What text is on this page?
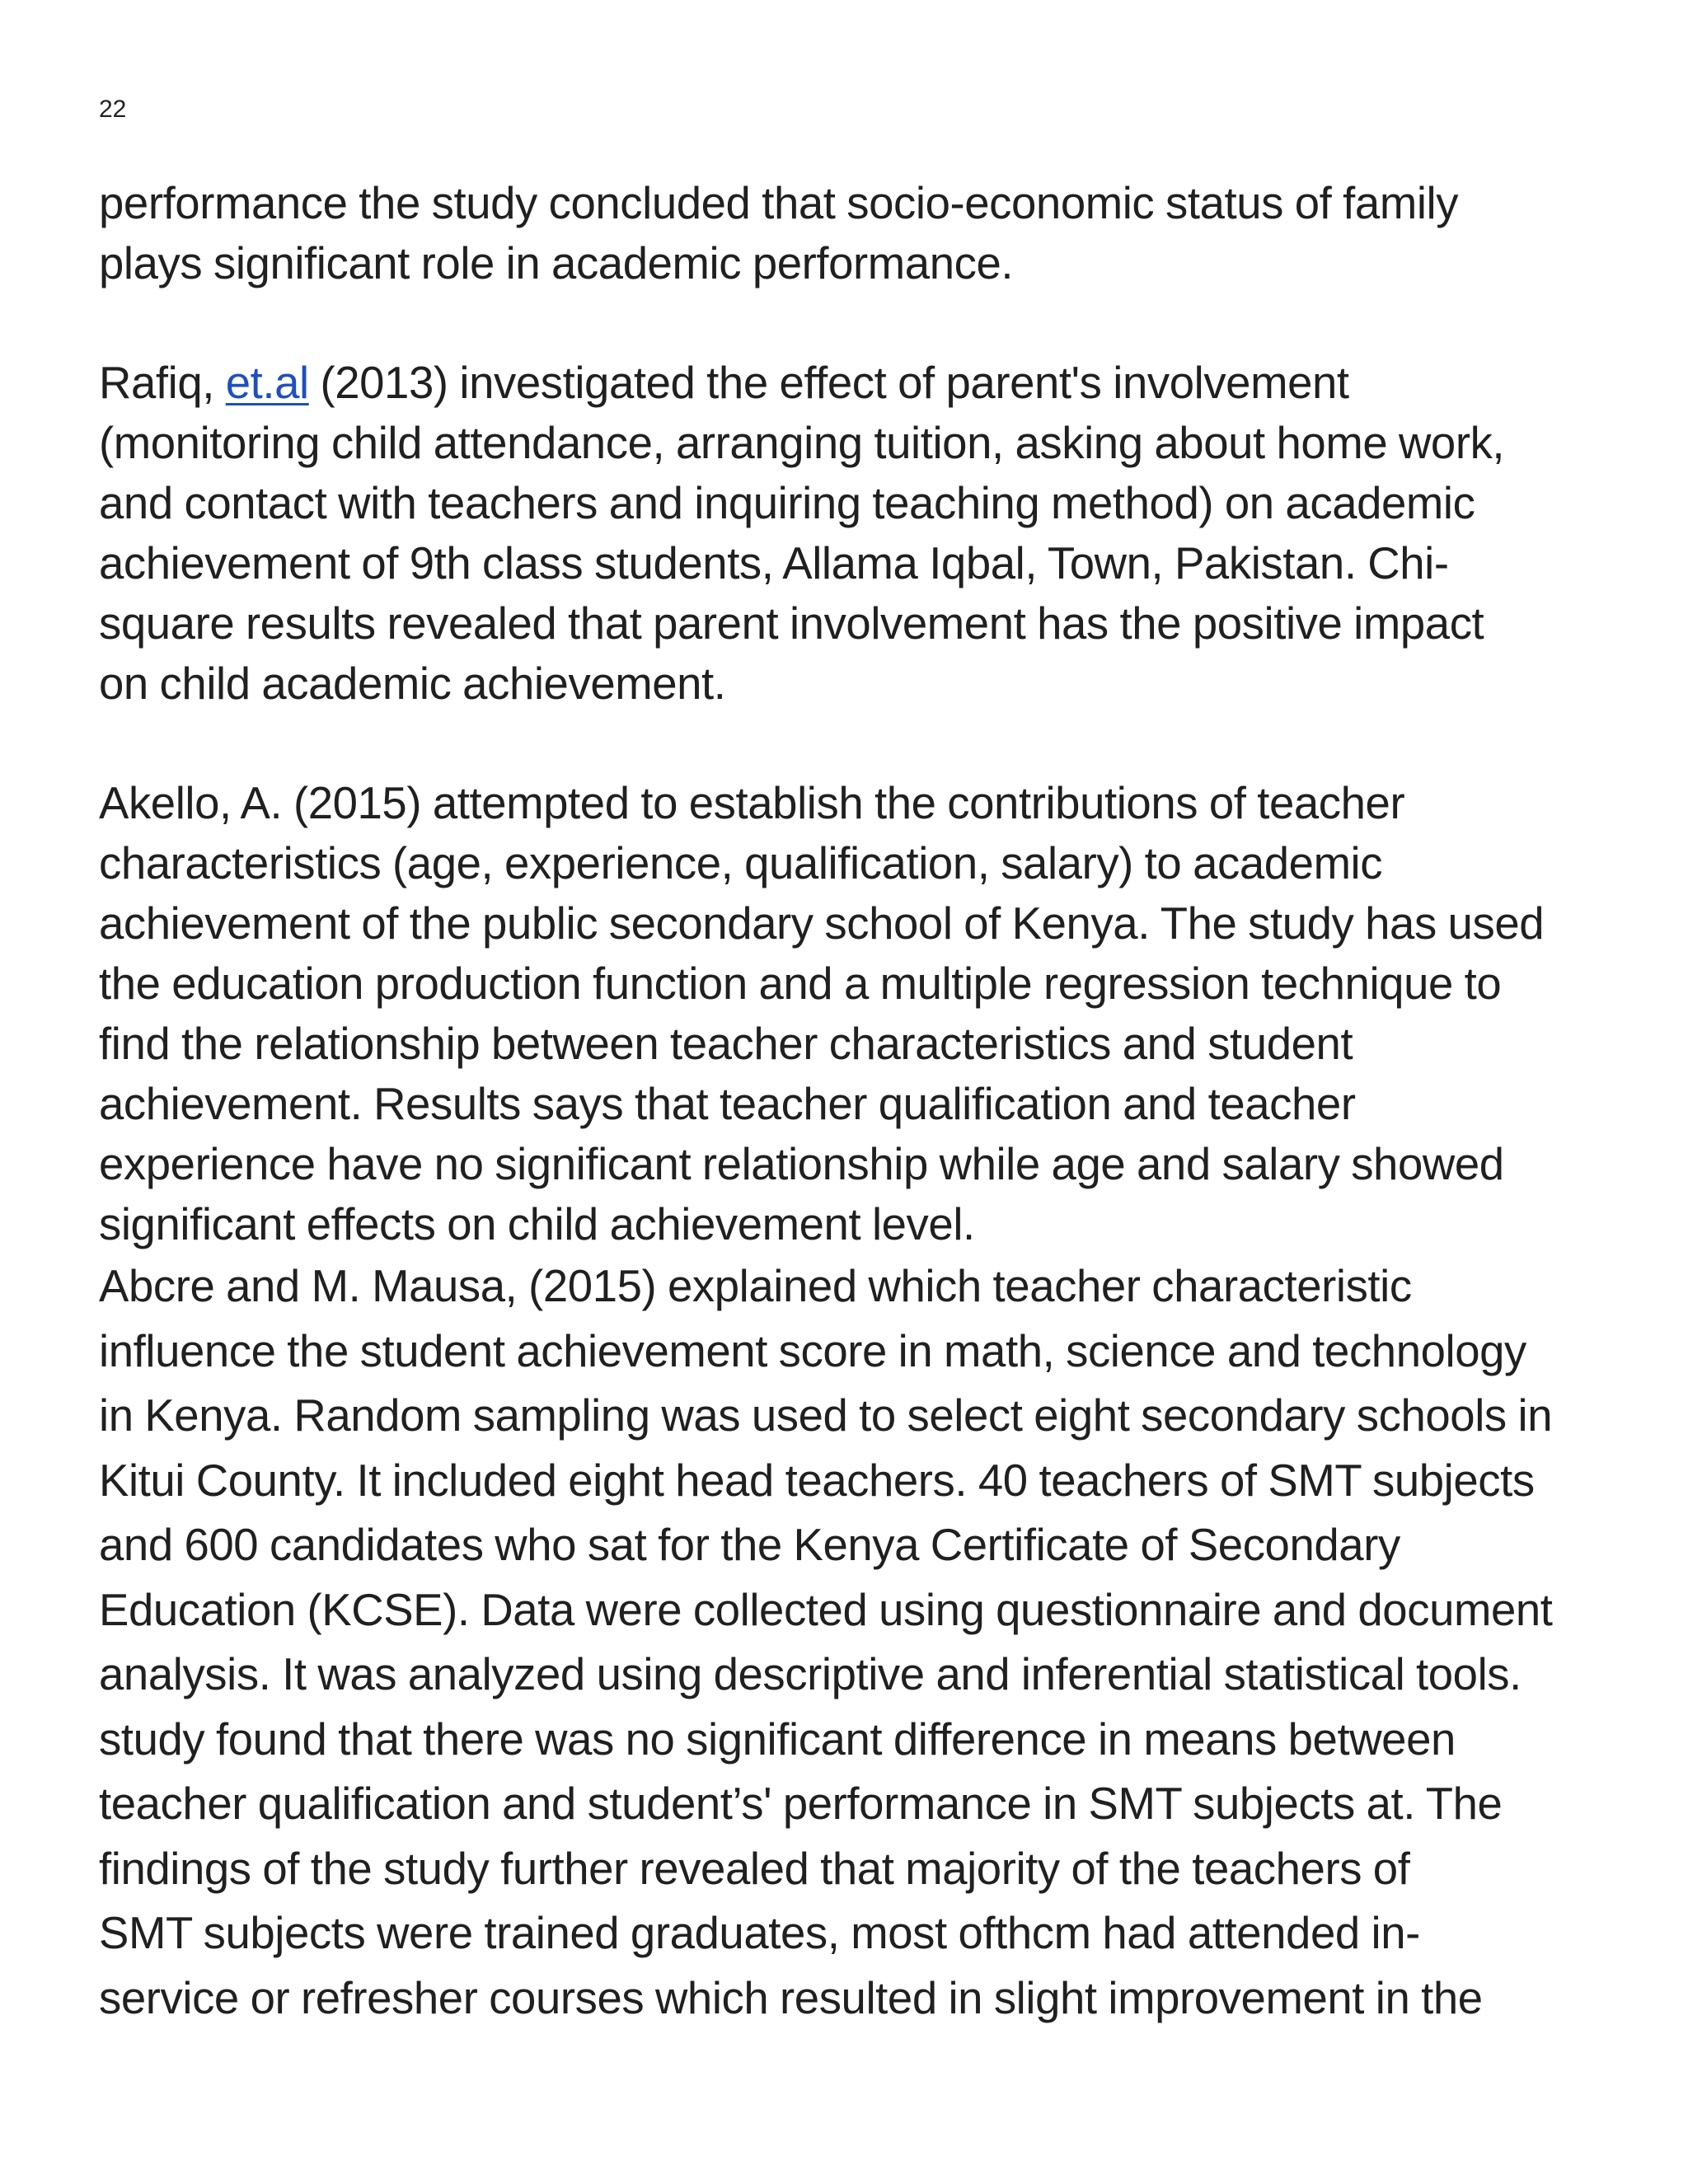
22

performance the study concluded that socio-economic status of family
plays significant role in academic performance.

Rafiq, et.al (2013) investigated the effect of parent's involvement
(monitoring child attendance, arranging tuition, asking about home work,
and contact with teachers and inquiring teaching method) on academic
achievement of 9th class students, Allama Iqbal, Town, Pakistan. Chi-
square results revealed that parent involvement has the positive impact
on child academic achievement.

Akello, A. (2015) attempted to establish the contributions of teacher
characteristics (age, experience, qualification, salary) to academic
achievement of the public secondary school of Kenya. The study has used
the education production function and a multiple regression technique to
find the relationship between teacher characteristics and student
achievement. Results says that teacher qualification and teacher
experience have no significant relationship while age and salary showed
significant effects on child achievement level.

Abcre and M. Mausa, (2015) explained which teacher characteristic
influence the student achievement score in math, science and technology
in Kenya. Random sampling was used to select eight secondary schools in
Kitui County. It included eight head teachers. 40 teachers of SMT subjects
and 600 candidates who sat for the Kenya Certificate of Secondary
Education (KCSE). Data were collected using questionnaire and document
analysis. It was analyzed using descriptive and inferential statistical tools.
study found that there was no significant difference in means between
teacher qualification and student’s' performance in SMT subjects at. The
findings of the study further revealed that majority of the teachers of
SMT subjects were trained graduates, most ofthcm had attended in-
service or refresher courses which resulted in slight improvement in the
